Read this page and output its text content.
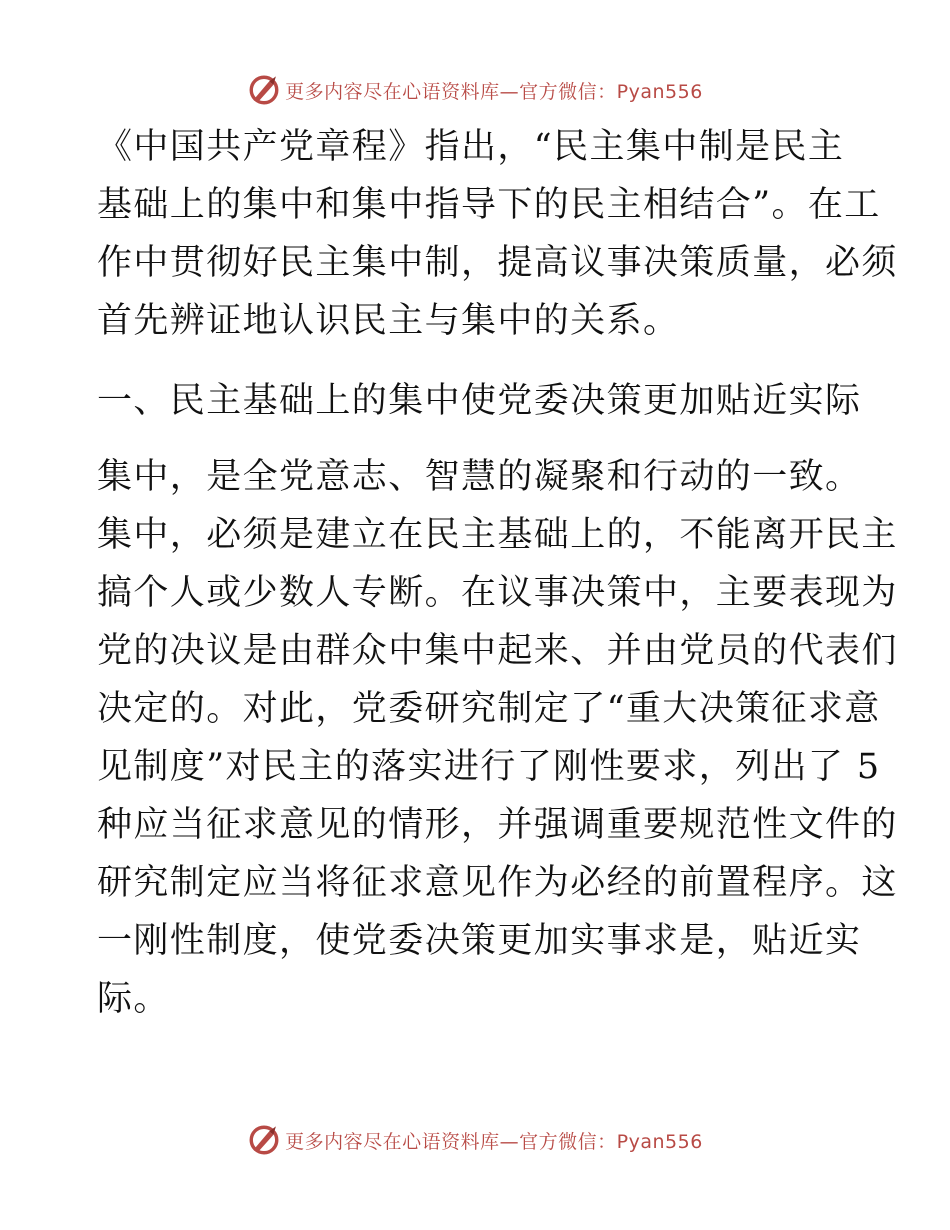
更多内容尽在心语资料库—官方微信：Pyan556

《中国共产党章程》指出，“民主集中制是民主
基础上的集中和集中指导下的民主相结合”。在工
作中贯彻好民主集中制，提高议事决策质量，必须
首先辨证地认识民主与集中的关系。

一、民主基础上的集中使党委决策更加贴近实际

集中，是全党意志、智慧的凝聚和行动的一致。
集中，必须是建立在民主基础上的，不能离开民主
搞个人或少数人专断。在议事决策中，主要表现为
党的决议是由群众中集中起来、并由党员的代表们
决定的。对此，党委研究制定了“重大决策征求意
见制度”对民主的落实进行了刚性要求，列出了 5
种应当征求意见的情形，并强调重要规范性文件的
研究制定应当将征求意见作为必经的前置程序。这
一刚性制度，使党委决策更加实事求是，贴近实
际。

更多内容尽在心语资料库—官方微信：Pyan556
